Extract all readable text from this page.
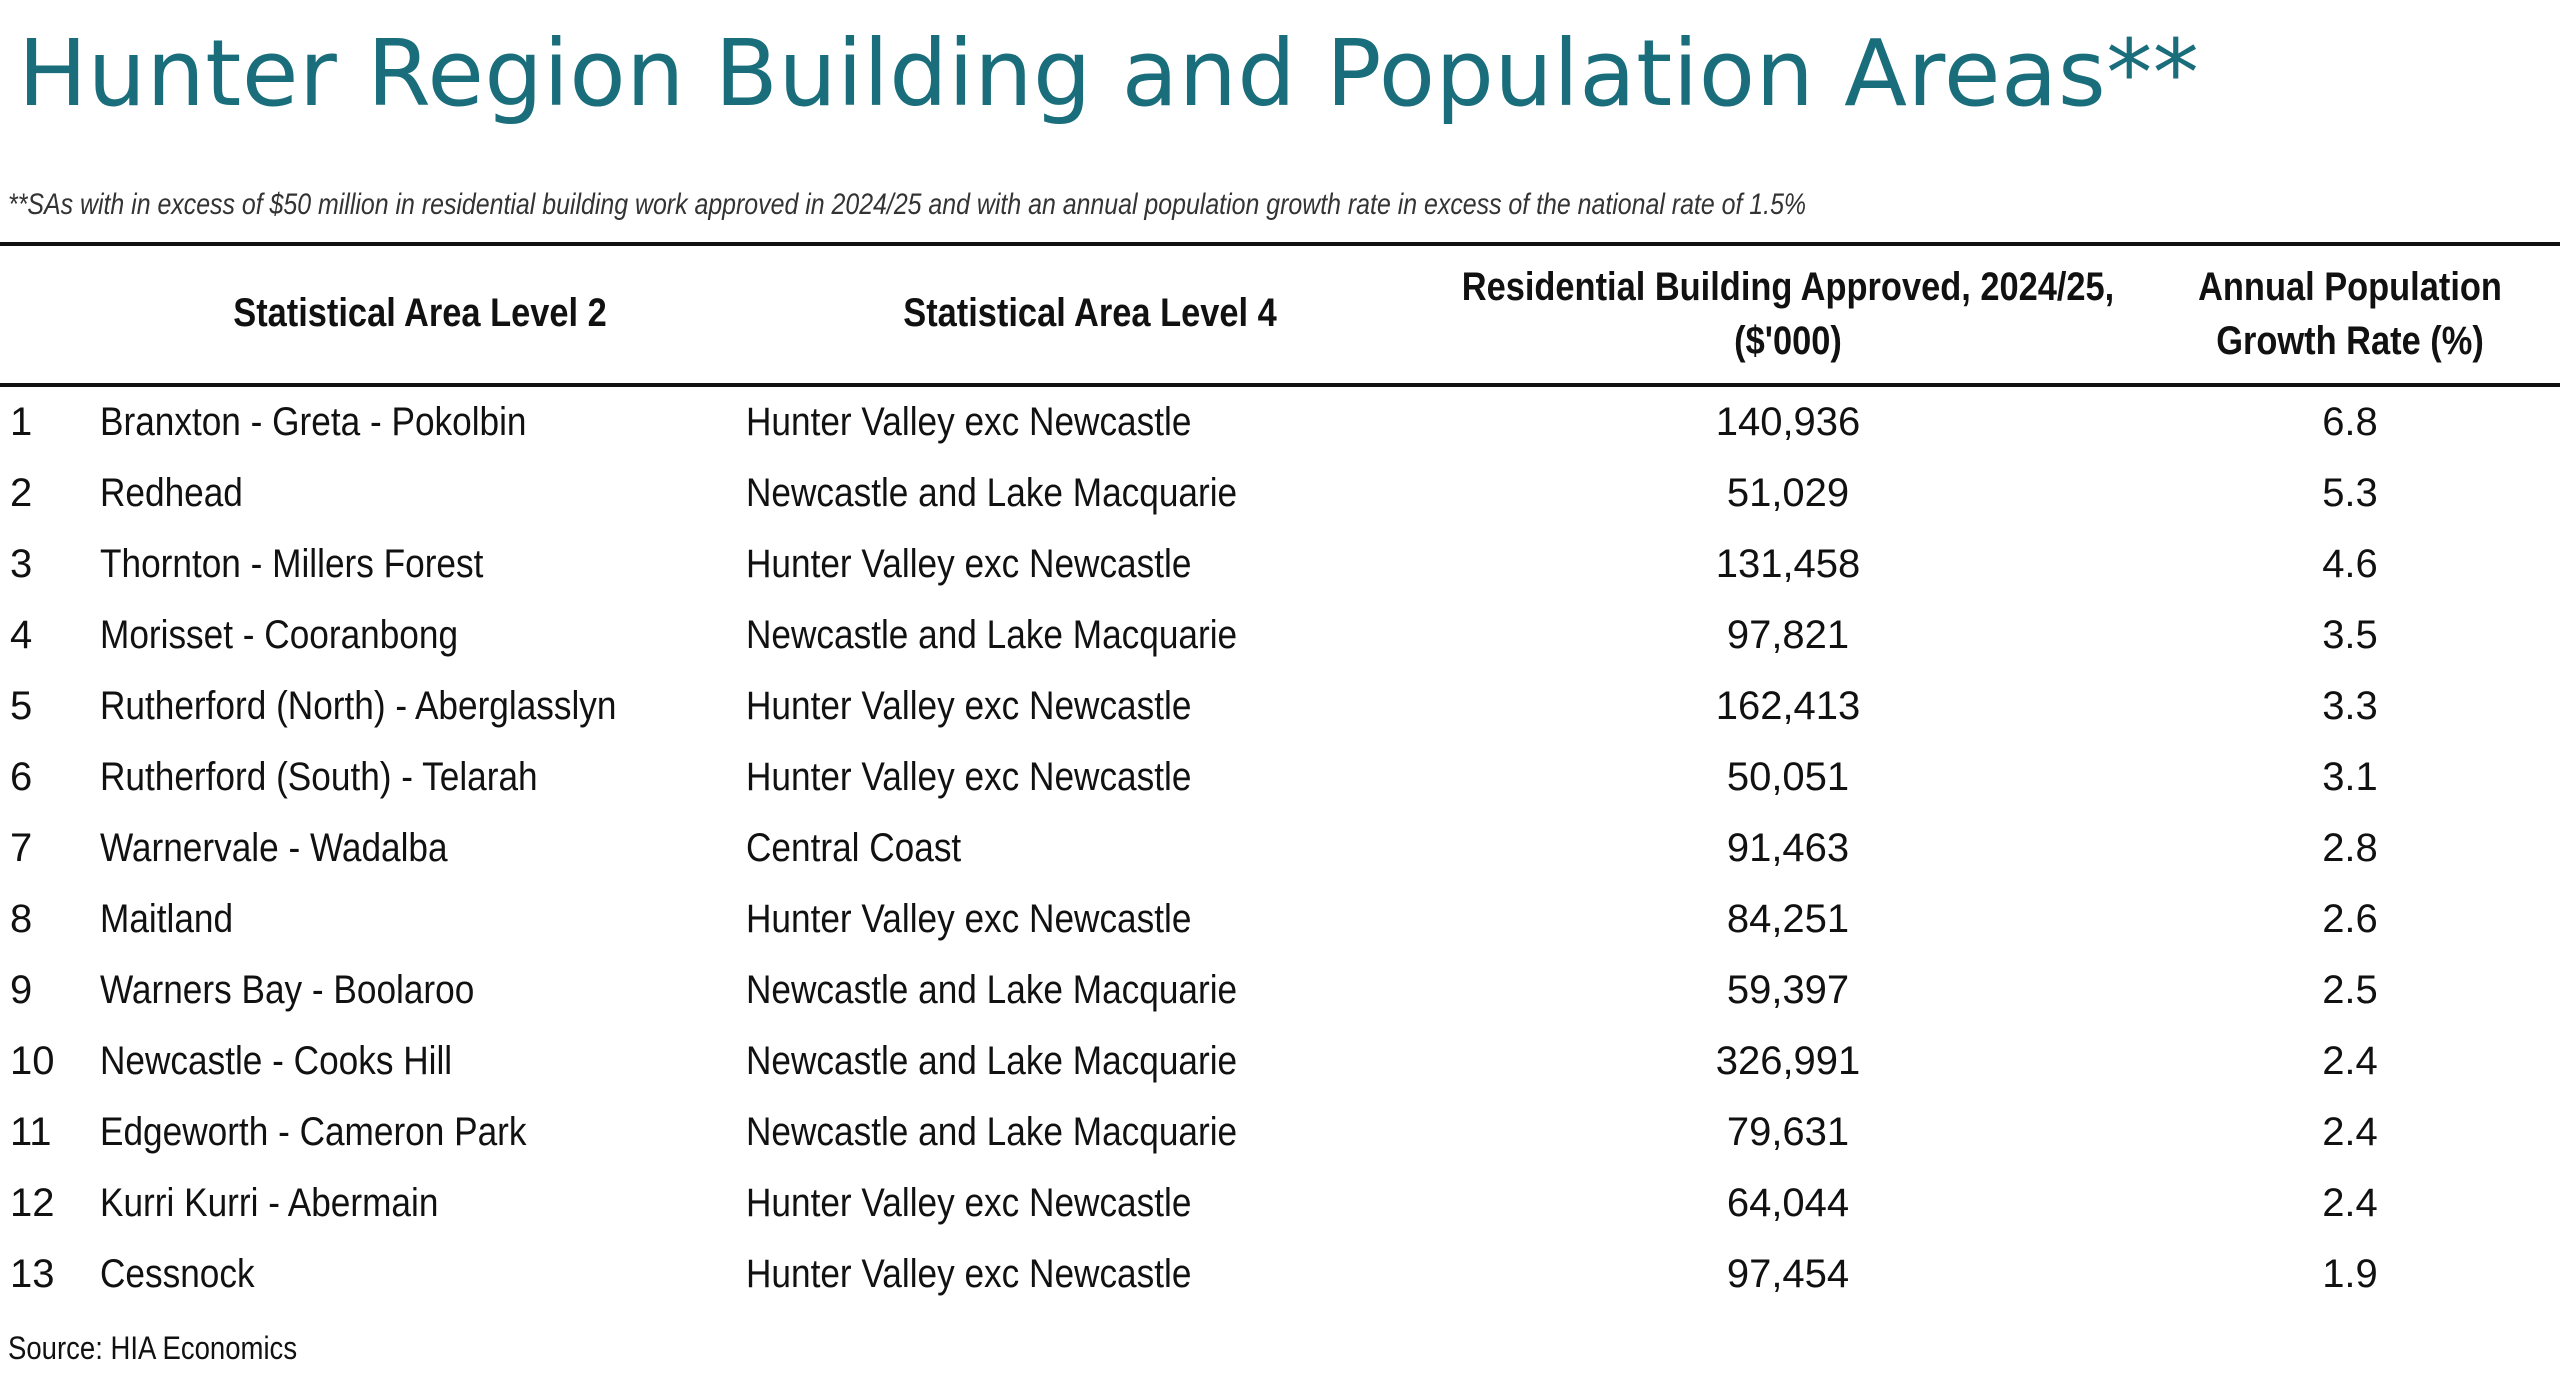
Hunter Region Building and Population Areas**
**SAs with in excess of $50 million in residential building work approved in 2024/25 and with an annual population growth rate in excess of the national rate of 1.5%
Statistical Area Level 2	Statistical Area Level 4
Residential Building Approved, 2024/25,
($'000)
Annual Population
Growth Rate (%)
1 Branxton - Greta - Pokolbin	Hunter Valley exc Newcastle	140,936	6.8
2 Redhead	Newcastle and Lake Macquarie	51,029	5.3
3 Thornton - Millers Forest	Hunter Valley exc Newcastle	131,458	4.6
4 Morisset - Cooranbong	Newcastle and Lake Macquarie	97,821	3.5
5 Rutherford (North) - Aberglasslyn	Hunter Valley exc Newcastle	162,413	3.3
6 Rutherford (South) - Telarah	Hunter Valley exc Newcastle	50,051	3.1
7 Warnervale - Wadalba	Central Coast	91,463	2.8
8 Maitland	Hunter Valley exc Newcastle	84,251	2.6
9 Warners Bay - Boolaroo	Newcastle and Lake Macquarie	59,397	2.5
10 Newcastle - Cooks Hill	Newcastle and Lake Macquarie	326,991	2.4
11 Edgeworth - Cameron Park	Newcastle and Lake Macquarie	79,631	2.4
12 Kurri Kurri - Abermain	Hunter Valley exc Newcastle	64,044	2.4
13 Cessnock	Hunter Valley exc Newcastle	97,454	1.9
Source: HIA Economics
